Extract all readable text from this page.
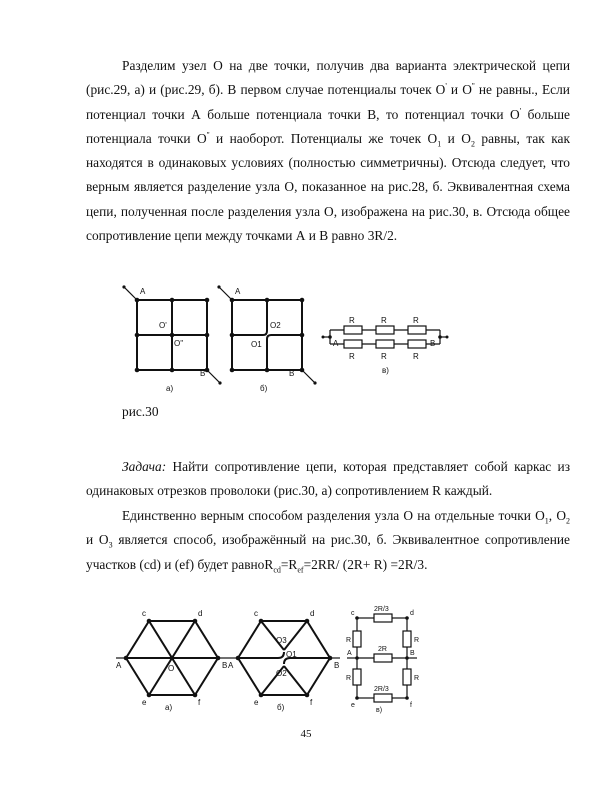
Разделим узел О на две точки, получив два варианта электрической цепи (рис.29, а) и (рис.29, б). В первом случае потенциалы точек О' и О'' не равны., Если потенциал точки А больше потенциала точки В, то потенциал точки О' больше потенциала точки О'' и наоборот. Потенциалы же точек $О_1$ и $О_2$ равны, так как находятся в одинаковых условиях (полностью симметричны). Отсюда следует, что верным является разделение узла О, показанное на рис.28, б. Эквивалентная схема цепи, полученная после разделения узла О, изображена на рис.30, в. Отсюда общее сопротивление цепи между точками А и В равно 3R/2.

A
B
O'
O''
а)
A
B
O2
O1
б)
R	R	R
R	R	R
A	B
в)

рис.30

Задача: Найти сопротивление цепи, которая представляет собой каркас из одинаковых отрезков проволоки (рис.30, а) сопротивлением R каждый.

Единственно верным способом разделения узла О на отдельные точки $О_1$, $О_2$ и $О_3$ является способ, изображённый на рис.30, б. Эквивалентное сопротивление участков (cd) и (ef) будет $равноR_{cd}=R_{ef}=2RR/$ (2R+ R) =2R/3.

c	d
A	B
O
e	f
а)
c	d
A	B
O3
O1
O2
e	f
б)
c	d
A	B
e	f
R	R
R	R
2R/3
2R
2R/3
в)
45
